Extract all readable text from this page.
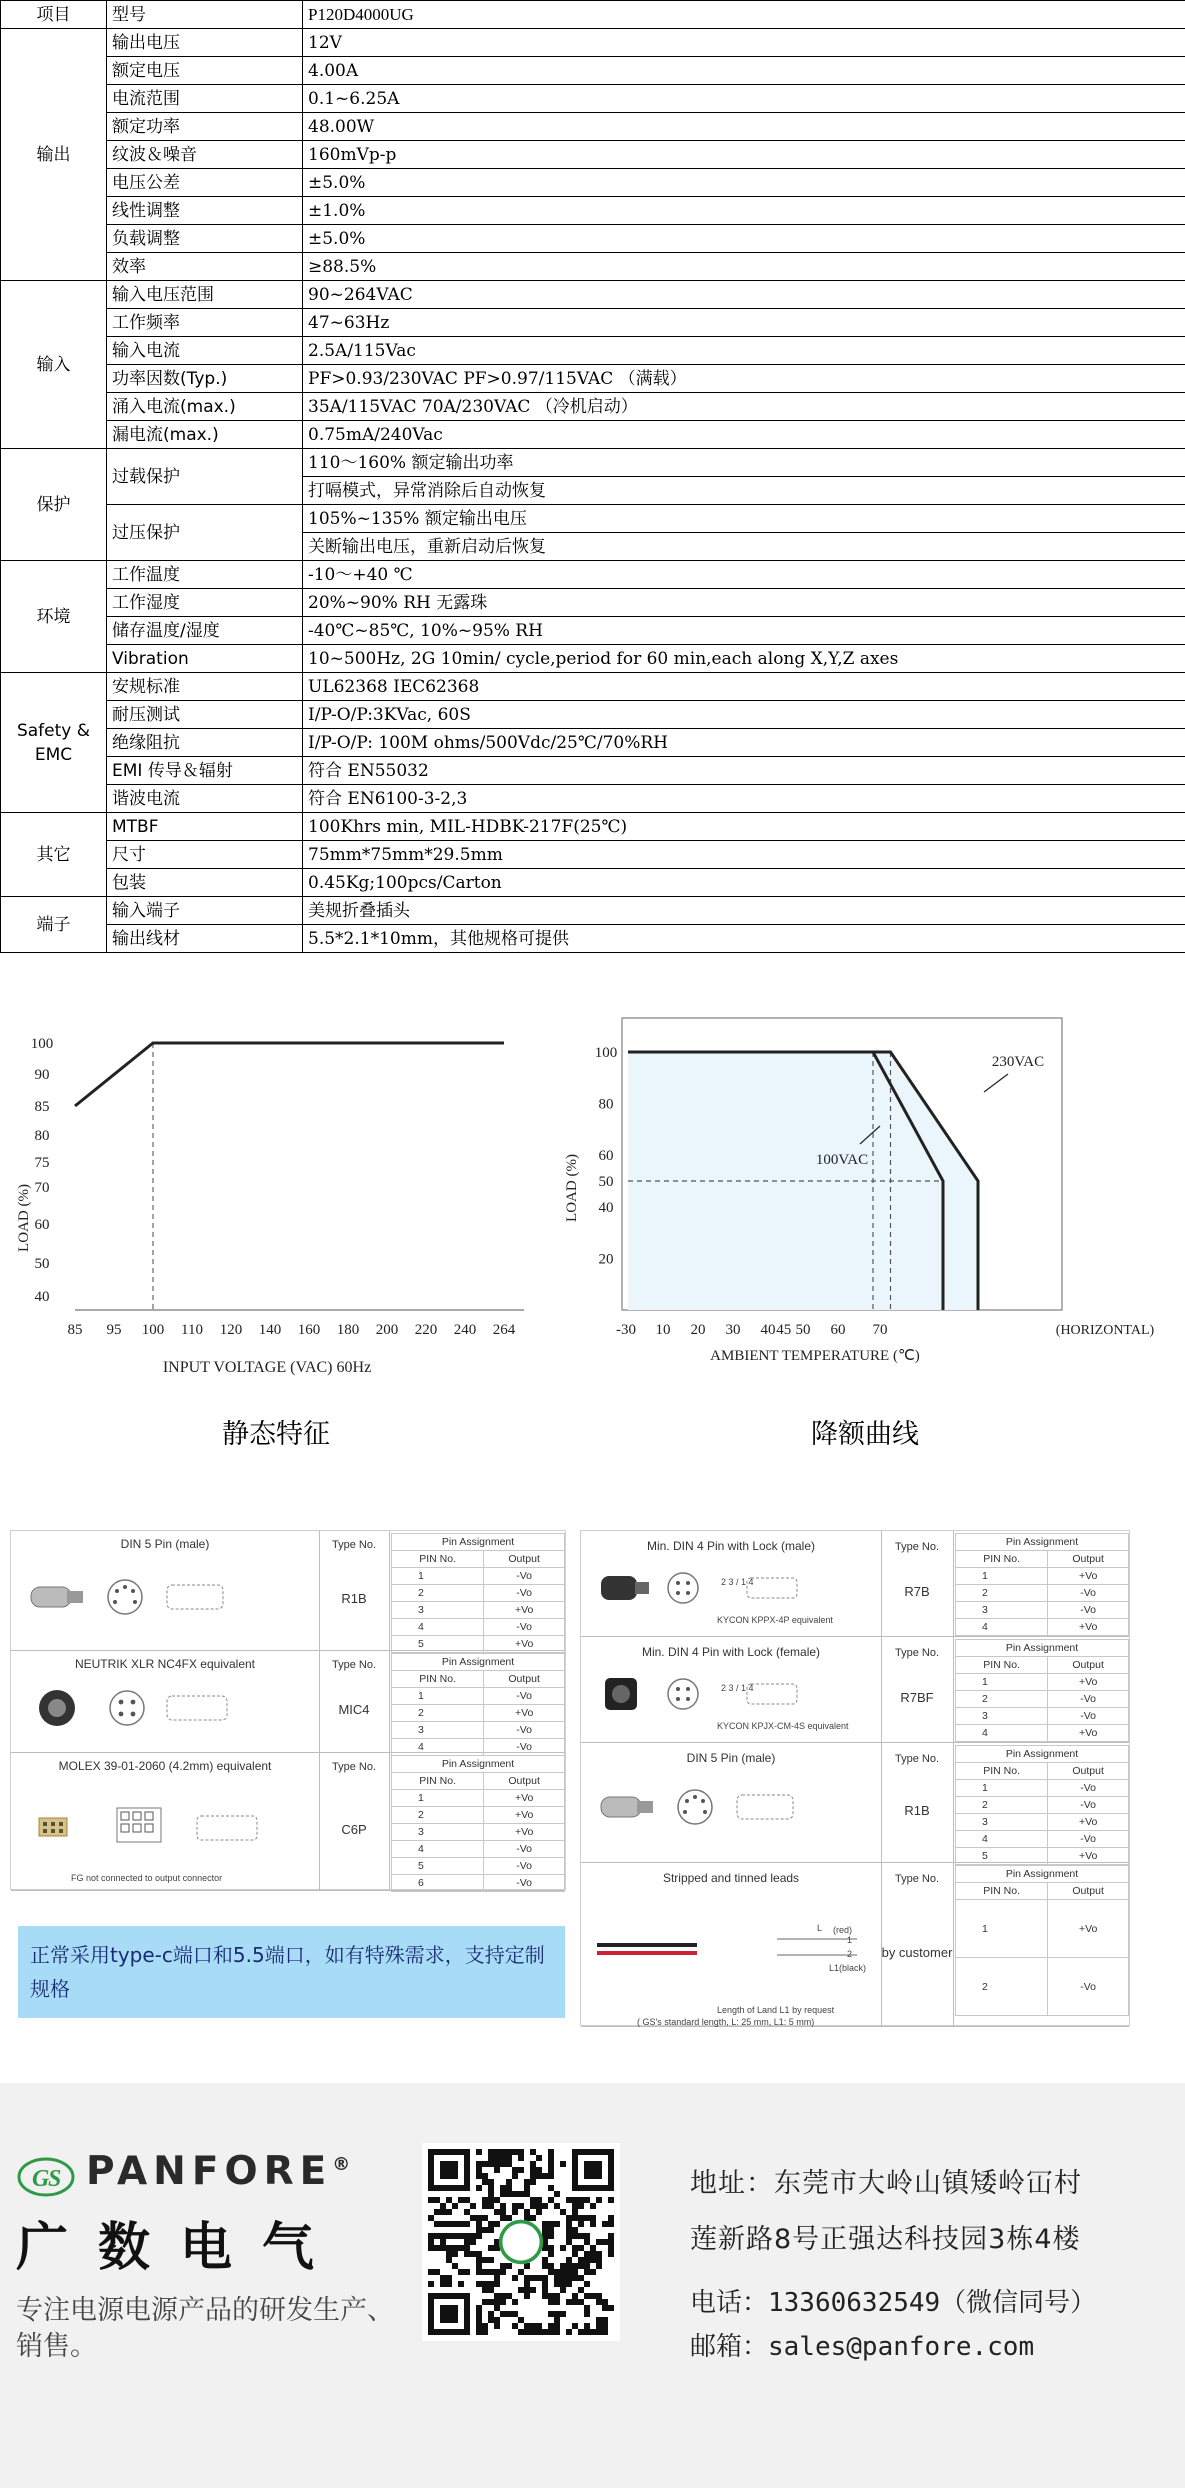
项目	型号	P120D4000UG
输出	输出电压	12V
	额定电压	4.00A
	电流范围	0.1~6.25A
	额定功率	48.00W
	纹波＆噪音	160mVp-p
	电压公差	±5.0%
	线性调整	±1.0%
	负载调整	±5.0%
	效率	≥88.5%
输入	输入电压范围	90~264VAC
	工作频率	47~63Hz
	输入电流	2.5A/115Vac
	功率因数(Typ.)	PF>0.93/230VAC PF>0.97/115VAC （满载）
	涌入电流(max.)	35A/115VAC 70A/230VAC （冷机启动）
	漏电流(max.)	0.75mA/240Vac
保护	过载保护	110～160% 额定输出功率
		打嗝模式，异常消除后自动恢复
	过压保护	105%~135% 额定输出电压
		关断输出电压，重新启动后恢复
环境	工作温度	-10～+40 ℃
	工作湿度	20%~90% RH 无露珠
	储存温度/湿度	-40℃~85℃, 10%~95% RH
	Vibration	10~500Hz, 2G 10min/ cycle,period for 60 min,each along X,Y,Z axes
Safety & EMC	安规标准	UL62368 IEC62368
	耐压测试	I/P-O/P:3KVac, 60S
	绝缘阻抗	I/P-O/P: 100M ohms/500Vdc/25℃/70%RH
	EMI 传导＆辐射	符合 EN55032
	谐波电流	符合 EN6100-3-2,3
其它	MTBF	100Khrs min, MIL-HDBK-217F(25℃)
	尺寸	75mm*75mm*29.5mm
	包装	0.45Kg;100pcs/Carton
端子	输入端子	美规折叠插头
	输出线材	5.5*2.1*10mm，其他规格可提供
40
50
60
70
75
80
85
90
100
85 95 100 110 120 140 160 180 200 220 240 264
INPUT VOLTAGE (VAC) 60Hz
LOAD (%)
静态特征
230VAC
100VAC
20
40
50
60
80
100
-30 10 20 30 40 45 50 60 70	(HORIZONTAL)
AMBIENT TEMPERATURE (℃)
LOAD (%)
降额曲线
DIN 5 Pin (male)	Type No.
R1B
Pin Assignment	
PIN No.	Output
1	-Vo
2	-Vo
3	+Vo
4	-Vo
5	+Vo
NEUTRIK XLR NC4FX equivalent	Type No.
MIC4
Pin Assignment	
PIN No.	Output
1	-Vo
2	+Vo
3	-Vo
4	-Vo
MOLEX 39-01-2060 (4.2mm) equivalent	Type No.
C6P
FG not connected to output connector
Pin Assignment	
PIN No.	Output
1	+Vo
2	+Vo
3	+Vo
4	-Vo
5	-Vo
6	-Vo
Min. DIN 4 Pin with Lock (male)	Type No.
R7B
2 3 / 1 4
KYCON KPPX-4P equivalent
Pin Assignment	
PIN No.	Output
1	+Vo
2	-Vo
3	-Vo
4	+Vo
Min. DIN 4 Pin with Lock (female)	Type No.
R7BF
2 3 / 1 4
KYCON KPJX-CM-4S equivalent
Pin Assignment	
PIN No.	Output
1	+Vo
2	-Vo
3	-Vo
4	+Vo
DIN 5 Pin (male)	Type No.
R1B
Pin Assignment	
PIN No.	Output
1	-Vo
2	-Vo
3	+Vo
4	-Vo
5	+Vo
Stripped and tinned leads	Type No.
by customer
Length of Land L1 by request
( GS's standard length, L: 25 mm, L1: 5 mm)
L (red)
1
2
L1(black)
Pin Assignment	
PIN No.	Output
1	+Vo
2	-Vo
正常采用type-c端口和5.5端口，如有特殊需求，支持定制规格
G
S PANFORE®
广数电气
专注电源电源产品的研发生产、销售。
地址：东莞市大岭山镇矮岭冚村
莲新路8号正强达科技园3栋4楼
电话：13360632549（微信同号）
邮箱：sales@panfore.com
